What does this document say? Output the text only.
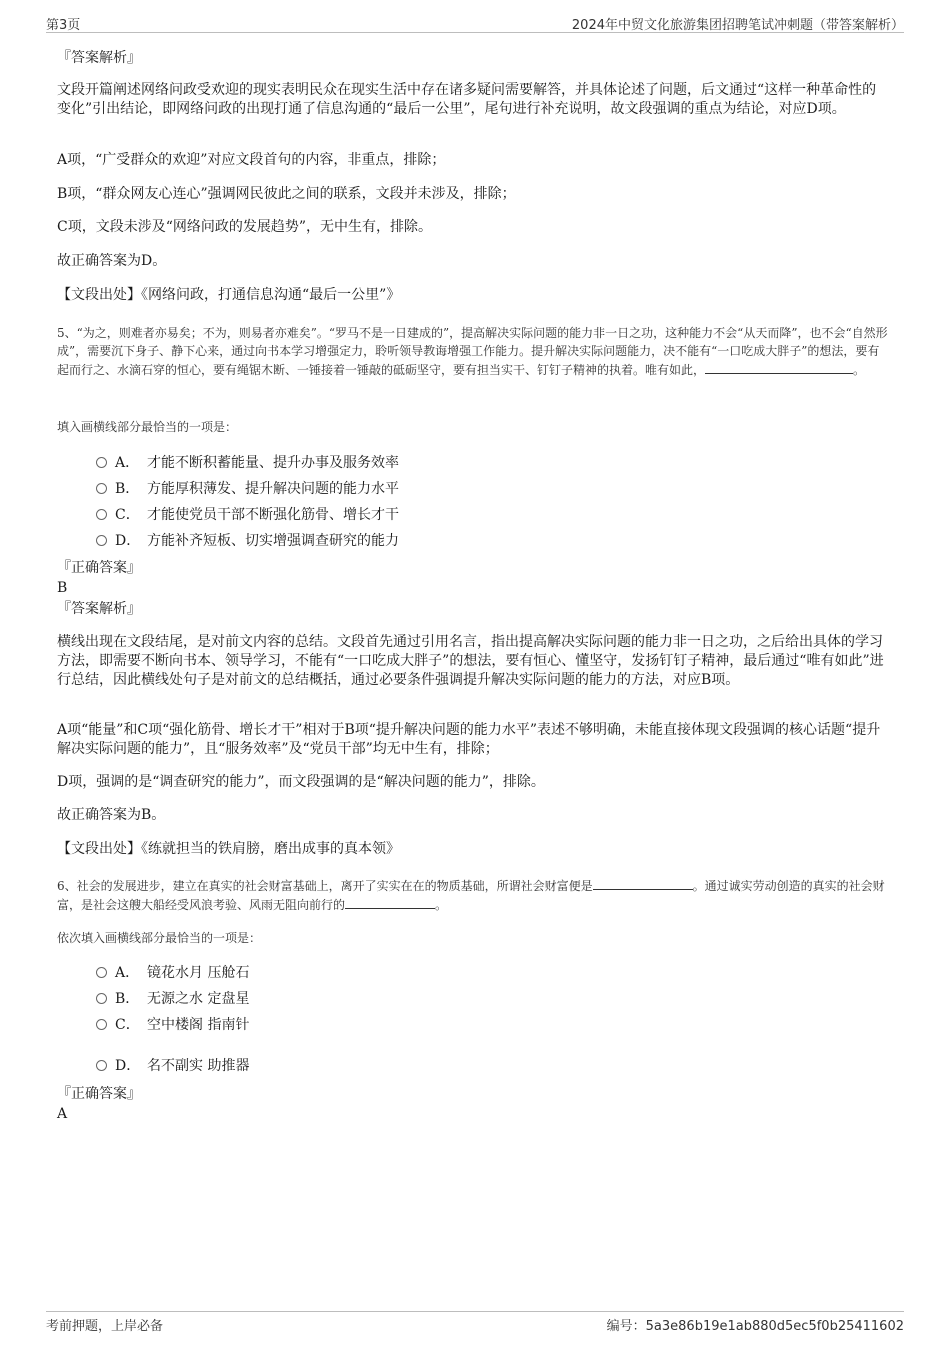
第3页	2024年中贸文化旅游集团招聘笔试冲刺题（带答案解析）
『答案解析』
文段开篇阐述网络问政受欢迎的现实表明民众在现实生活中存在诸多疑问需要解答，并具体论述了问题，后文通过“这样一种革命性的变化”引出结论，即网络问政的出现打通了信息沟通的“最后一公里”，尾句进行补充说明，故文段强调的重点为结论，对应D项。
A项，“广受群众的欢迎”对应文段首句的内容，非重点，排除；
B项，“群众网友心连心”强调网民彼此之间的联系，文段并未涉及，排除；
C项，文段未涉及“网络问政的发展趋势”，无中生有，排除。
故正确答案为D。
【文段出处】《网络问政，打通信息沟通“最后一公里”》
5、“为之，则难者亦易矣；不为，则易者亦难矣”。“罗马不是一日建成的”，提高解决实际问题的能力非一日之功，这种能力不会“从天而降”，也不会“自然形成”，需要沉下身子、静下心来，通过向书本学习增强定力，聆听领导教诲增强工作能力。提升解决实际问题能力，决不能有“一口吃成大胖子”的想法，要有起而行之、水滴石穿的恒心，要有绳锯木断、一锤接着一锤敲的砥砺坚守，要有担当实干、钉钉子精神的执着。唯有如此，	。
填入画横线部分最恰当的一项是：
A． 才能不断积蓄能量、提升办事及服务效率
B． 方能厚积薄发、提升解决问题的能力水平
C． 才能使党员干部不断强化筋骨、增长才干
D． 方能补齐短板、切实增强调查研究的能力
『正确答案』
B
『答案解析』
横线出现在文段结尾，是对前文内容的总结。文段首先通过引用名言，指出提高解决实际问题的能力非一日之功，之后给出具体的学习方法，即需要不断向书本、领导学习，不能有“一口吃成大胖子”的想法，要有恒心、懂坚守，发扬钉钉子精神，最后通过“唯有如此”进行总结，因此横线处句子是对前文的总结概括，通过必要条件强调提升解决实际问题的能力的方法，对应B项。
A项“能量”和C项“强化筋骨、增长才干”相对于B项“提升解决问题的能力水平”表述不够明确，未能直接体现文段强调的核心话题“提升解决实际问题的能力”，且“服务效率”及“党员干部”均无中生有，排除；
D项，强调的是“调查研究的能力”，而文段强调的是“解决问题的能力”，排除。
故正确答案为B。
【文段出处】《练就担当的铁肩膀，磨出成事的真本领》
6、社会的发展进步，建立在真实的社会财富基础上，离开了实实在在的物质基础，所谓社会财富便是	。通过诚实劳动创造的真实的社会财富，是社会这艘大船经受风浪考验、风雨无阻向前行的	。
依次填入画横线部分最恰当的一项是：
A． 镜花水月 压舱石
B． 无源之水 定盘星
C． 空中楼阁 指南针
D． 名不副实 助推器
『正确答案』
A
考前押题，上岸必备	编号：5a3e86b19e1ab880d5ec5f0b25411602
